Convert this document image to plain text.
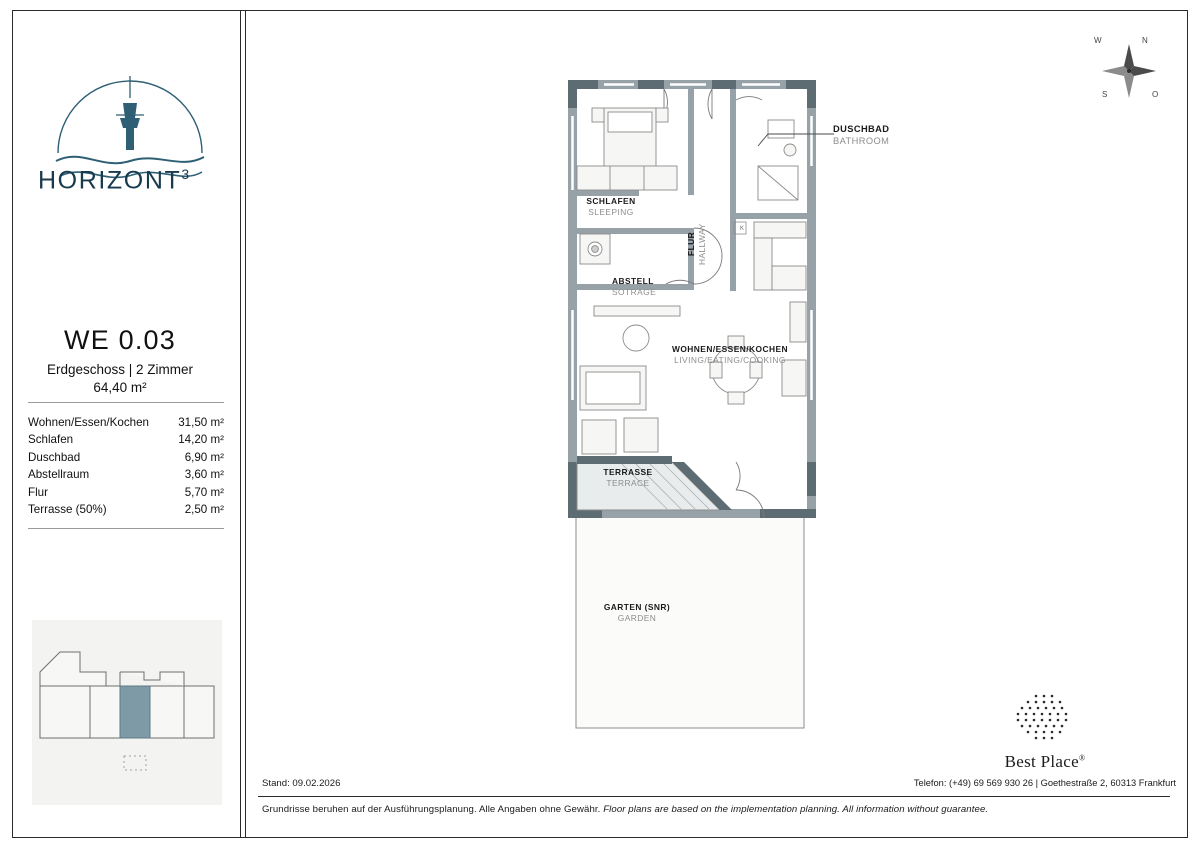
HORIZONT$^3$
WE 0.03
Erdgeschoss | 2 Zimmer
64,40 m²
Wohnen/Essen/Kochen	31,50 m²
Schlafen	14,20 m²
Duschbad	6,90 m²
Abstellraum	3,60 m²
Flur	5,70 m²
Terrasse (50%)	2,50 m²
N
O
S
W
K
DUSCHBAD
BATHROOM
SCHLAFEN
SLEEPING
ABSTELL
SOTRAGE
FLUR HALLWAY
WOHNEN/ESSEN/KOCHEN
LIVING/EATING/COOKING
TERRASSE
TERRACE
GARTEN (SNR)
GARDEN
Best Place®
Stand: 09.02.2026	Telefon: (+49) 69 569 930 26 | Goethestraße 2, 60313 Frankfurt
Grundrisse beruhen auf der Ausführungsplanung. Alle Angaben ohne Gewähr. Floor plans are based on the implementation planning. All information without guarantee.
